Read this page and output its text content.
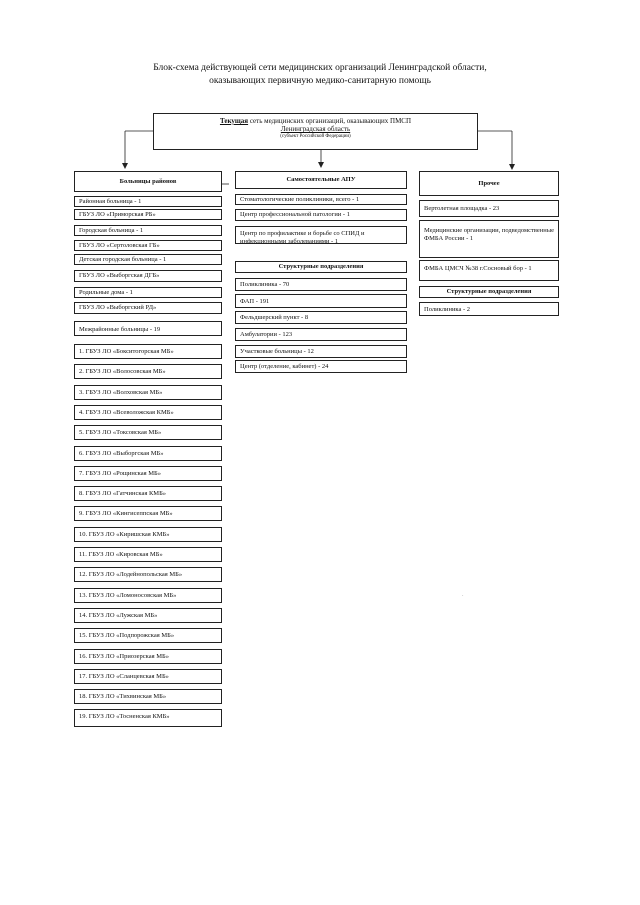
Блок-схема действующей сети медицинских организаций Ленинградской области,
оказывающих первичную медико-санитарную помощь
Текущая сеть медицинских организаций, оказывающих ПМСП
Ленинградская область
(субъект Российской Федерации)
Больницы районов
Районная больница - 1
ГБУЗ ЛО «Приморская РБ»
Городская больница - 1
ГБУЗ ЛО «Сертоловская ГБ»
Детская городская больница - 1
ГБУЗ ЛО «Выборгская ДГБ»
Родильные дома - 1
ГБУЗ ЛО «Выборгский РД»
Межрайонные больницы - 19
1. ГБУЗ ЛО «Бокситогорская МБ»
2. ГБУЗ ЛО «Волосовская МБ»
3. ГБУЗ ЛО «Волховская МБ»
4. ГБУЗ ЛО «Всеволожская КМБ»
5. ГБУЗ ЛО «Токсовская МБ»
6. ГБУЗ ЛО «Выборгская МБ»
7. ГБУЗ ЛО «Рощинская МБ»
8. ГБУЗ ЛО «Гатчинская КМБ»
9. ГБУЗ ЛО «Кингисеппская МБ»
10. ГБУЗ ЛО «Киришская КМБ»
11. ГБУЗ ЛО «Кировская МБ»
12. ГБУЗ ЛО «Лодейнопольская МБ»
13. ГБУЗ ЛО «Ломоносовская МБ»
14. ГБУЗ ЛО «Лужская МБ»
15. ГБУЗ ЛО «Подпорожская МБ»
16. ГБУЗ ЛО «Приозерская МБ»
17. ГБУЗ ЛО «Сланцевская МБ»
18. ГБУЗ ЛО «Тихвинская МБ»
19. ГБУЗ ЛО «Тосненская КМБ»
Самостоятельные АПУ
Стоматологические поликлиники, всего - 1
Центр профессиональной патологии - 1
Центр по профилактике и борьбе со СПИД и инфекционными заболеваниями - 1
Структурные подразделения
Поликлиника - 70
ФАП - 191
Фельдшерский пункт - 8
Амбулатории - 123
Участковые больницы - 12
Центр (отделение, кабинет) - 24
Прочее
Вертолетная площадка - 23
Медицинские организации, подведомственные ФМБА России - 1
ФМБА ЦМСЧ №38 г.Сосновый бор - 1
Структурные подразделения
Поликлиника - 2
.
